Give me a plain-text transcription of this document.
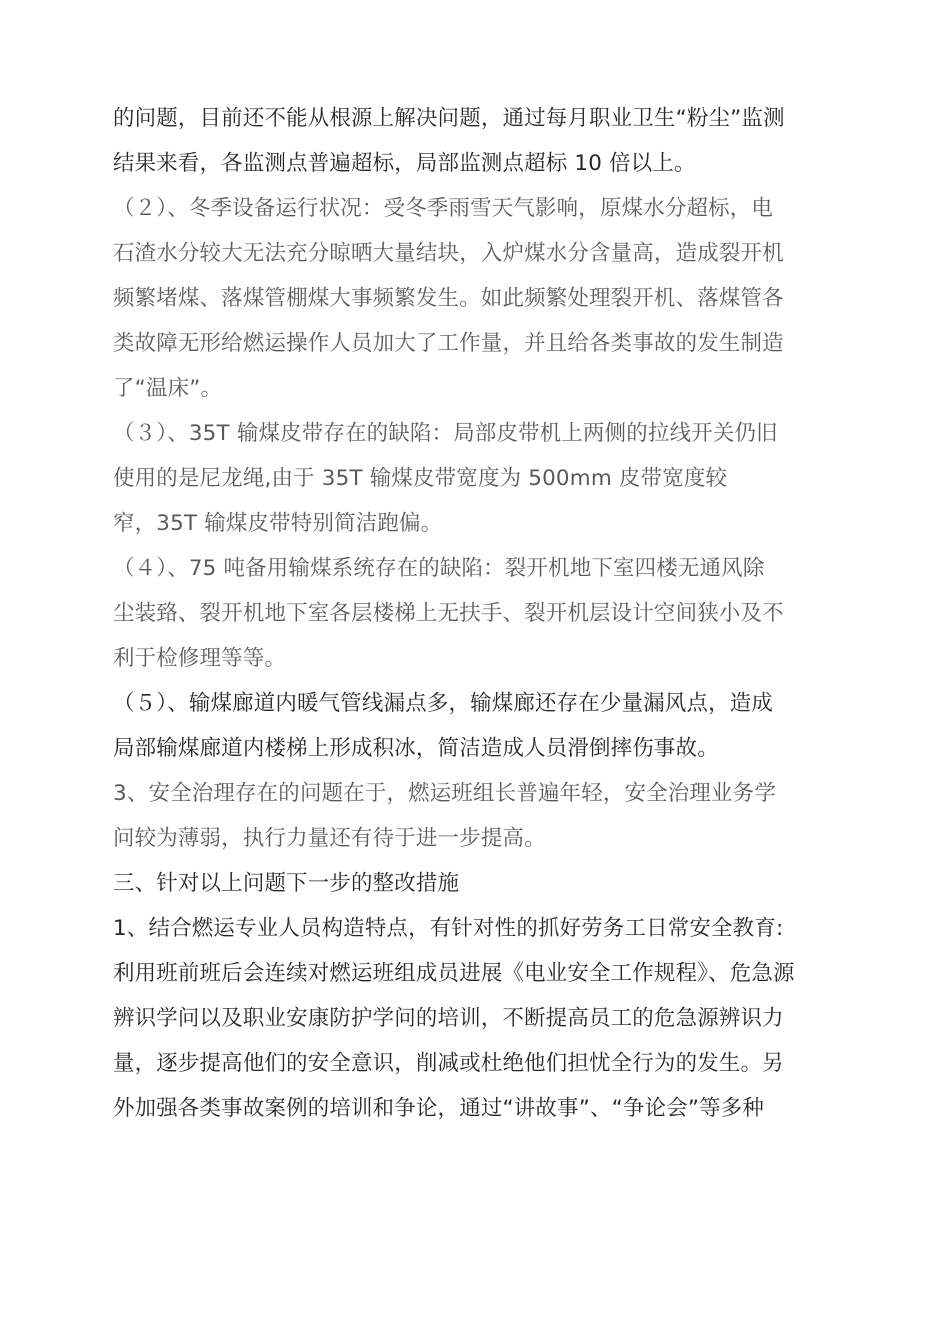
的问题，目前还不能从根源上解决问题，通过每月职业卫生“粉尘”监测
结果来看，各监测点普遍超标，局部监测点超标 10 倍以上。
（２）、冬季设备运行状况：受冬季雨雪天气影响，原煤水分超标，电
石渣水分较大无法充分晾晒大量结块，入炉煤水分含量高，造成裂开机
频繁堵煤、落煤管棚煤大事频繁发生。如此频繁处理裂开机、落煤管各
类故障无形给燃运操作人员加大了工作量，并且给各类事故的发生制造
了“温床”。
（３）、35T 输煤皮带存在的缺陷：局部皮带机上两侧的拉线开关仍旧
使用的是尼龙绳,由于 35T 输煤皮带宽度为 500mm 皮带宽度较
窄，35T 输煤皮带特别简洁跑偏。
（４）、75 吨备用输煤系统存在的缺陷：裂开机地下室四楼无通风除
尘装臵、裂开机地下室各层楼梯上无扶手、裂开机层设计空间狭小及不
利于检修理等等。
（５）、输煤廊道内暖气管线漏点多，输煤廊还存在少量漏风点，造成
局部输煤廊道内楼梯上形成积冰，简洁造成人员滑倒摔伤事故。
3、安全治理存在的问题在于，燃运班组长普遍年轻，安全治理业务学
问较为薄弱，执行力量还有待于进一步提高。
三、针对以上问题下一步的整改措施
1、结合燃运专业人员构造特点，有针对性的抓好劳务工日常安全教育:
利用班前班后会连续对燃运班组成员进展《电业安全工作规程》、危急源
辨识学问以及职业安康防护学问的培训，不断提高员工的危急源辨识力
量，逐步提高他们的安全意识，削减或杜绝他们担忧全行为的发生。另
外加强各类事故案例的培训和争论，通过“讲故事”、“争论会”等多种
